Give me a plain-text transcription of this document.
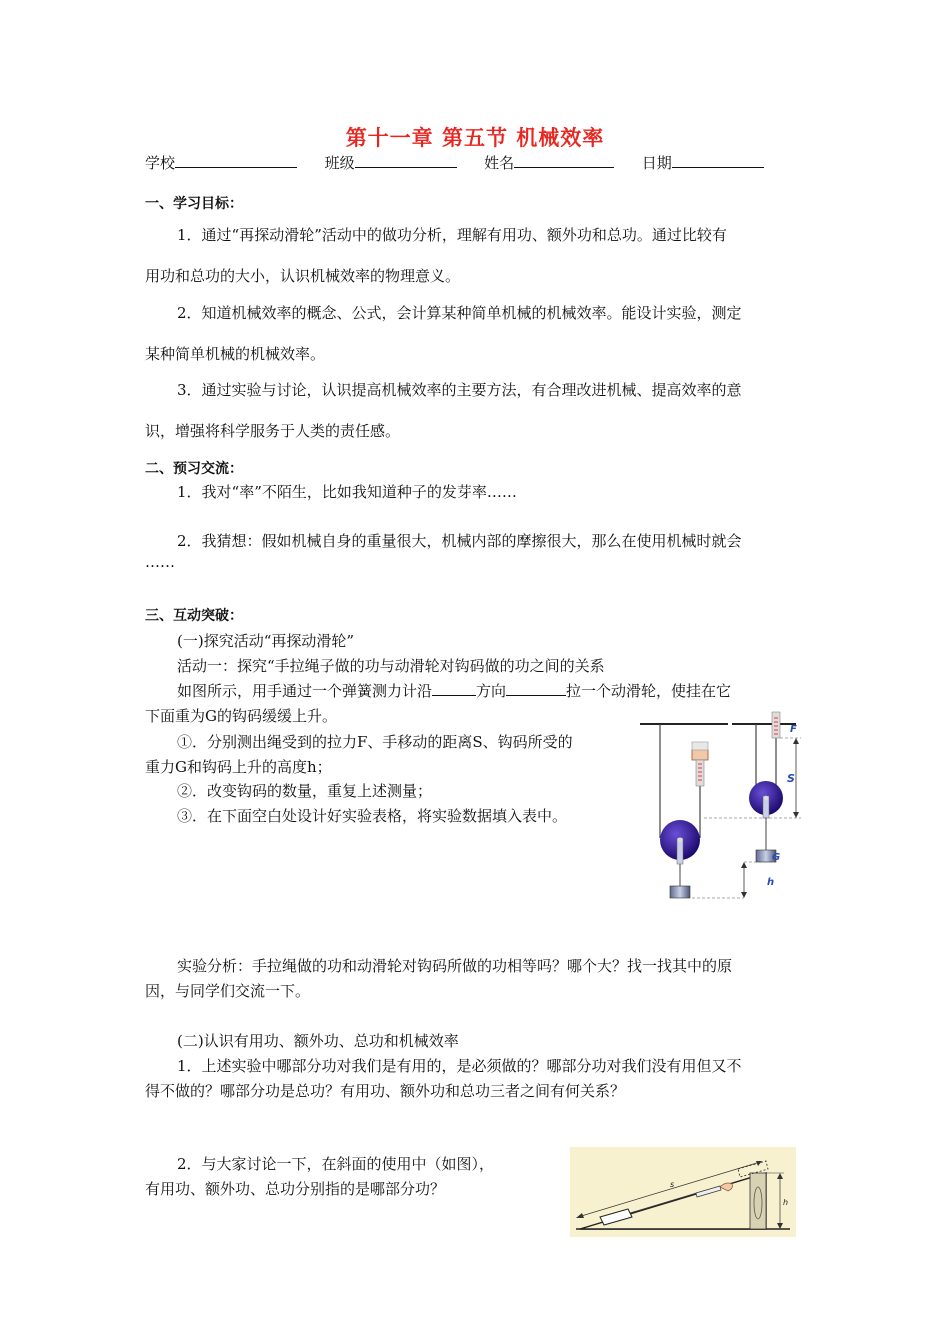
第十一章 第五节 机械效率
学校	班级	姓名	日期
一、学习目标：
1．通过“再探动滑轮”活动中的做功分析，理解有用功、额外功和总功。通过比较有
用功和总功的大小，认识机械效率的物理意义。
2．知道机械效率的概念、公式，会计算某种简单机械的机械效率。能设计实验，测定
某种简单机械的机械效率。
3．通过实验与讨论，认识提高机械效率的主要方法，有合理改进机械、提高效率的意
识，增强将科学服务于人类的责任感。
二、预习交流：
1．我对“率”不陌生，比如我知道种子的发芽率……
2．我猜想：假如机械自身的重量很大，机械内部的摩擦很大，那么在使用机械时就会
……
三、互动突破：
(一)探究活动“再探动滑轮”
活动一：探究“手拉绳子做的功与动滑轮对钩码做的功之间的关系
如图所示，用手通过一个弹簧测力计沿	方向	拉一个动滑轮，使挂在它
下面重为G的钩码缓缓上升。
①．分别测出绳受到的拉力F、手移动的距离S、钩码所受的
重力G和钩码上升的高度h；
②．改变钩码的数量，重复上述测量；
③．在下面空白处设计好实验表格，将实验数据填入表中。
F
S
G
h
实验分析：手拉绳做的功和动滑轮对钩码所做的功相等吗？哪个大？找一找其中的原
因，与同学们交流一下。
(二)认识有用功、额外功、总功和机械效率
1．上述实验中哪部分功对我们是有用的，是必须做的？哪部分功对我们没有用但又不
得不做的？哪部分功是总功？有用功、额外功和总功三者之间有何关系？
2．与大家讨论一下，在斜面的使用中（如图），
有用功、额外功、总功分别指的是哪部分功？	s
h
